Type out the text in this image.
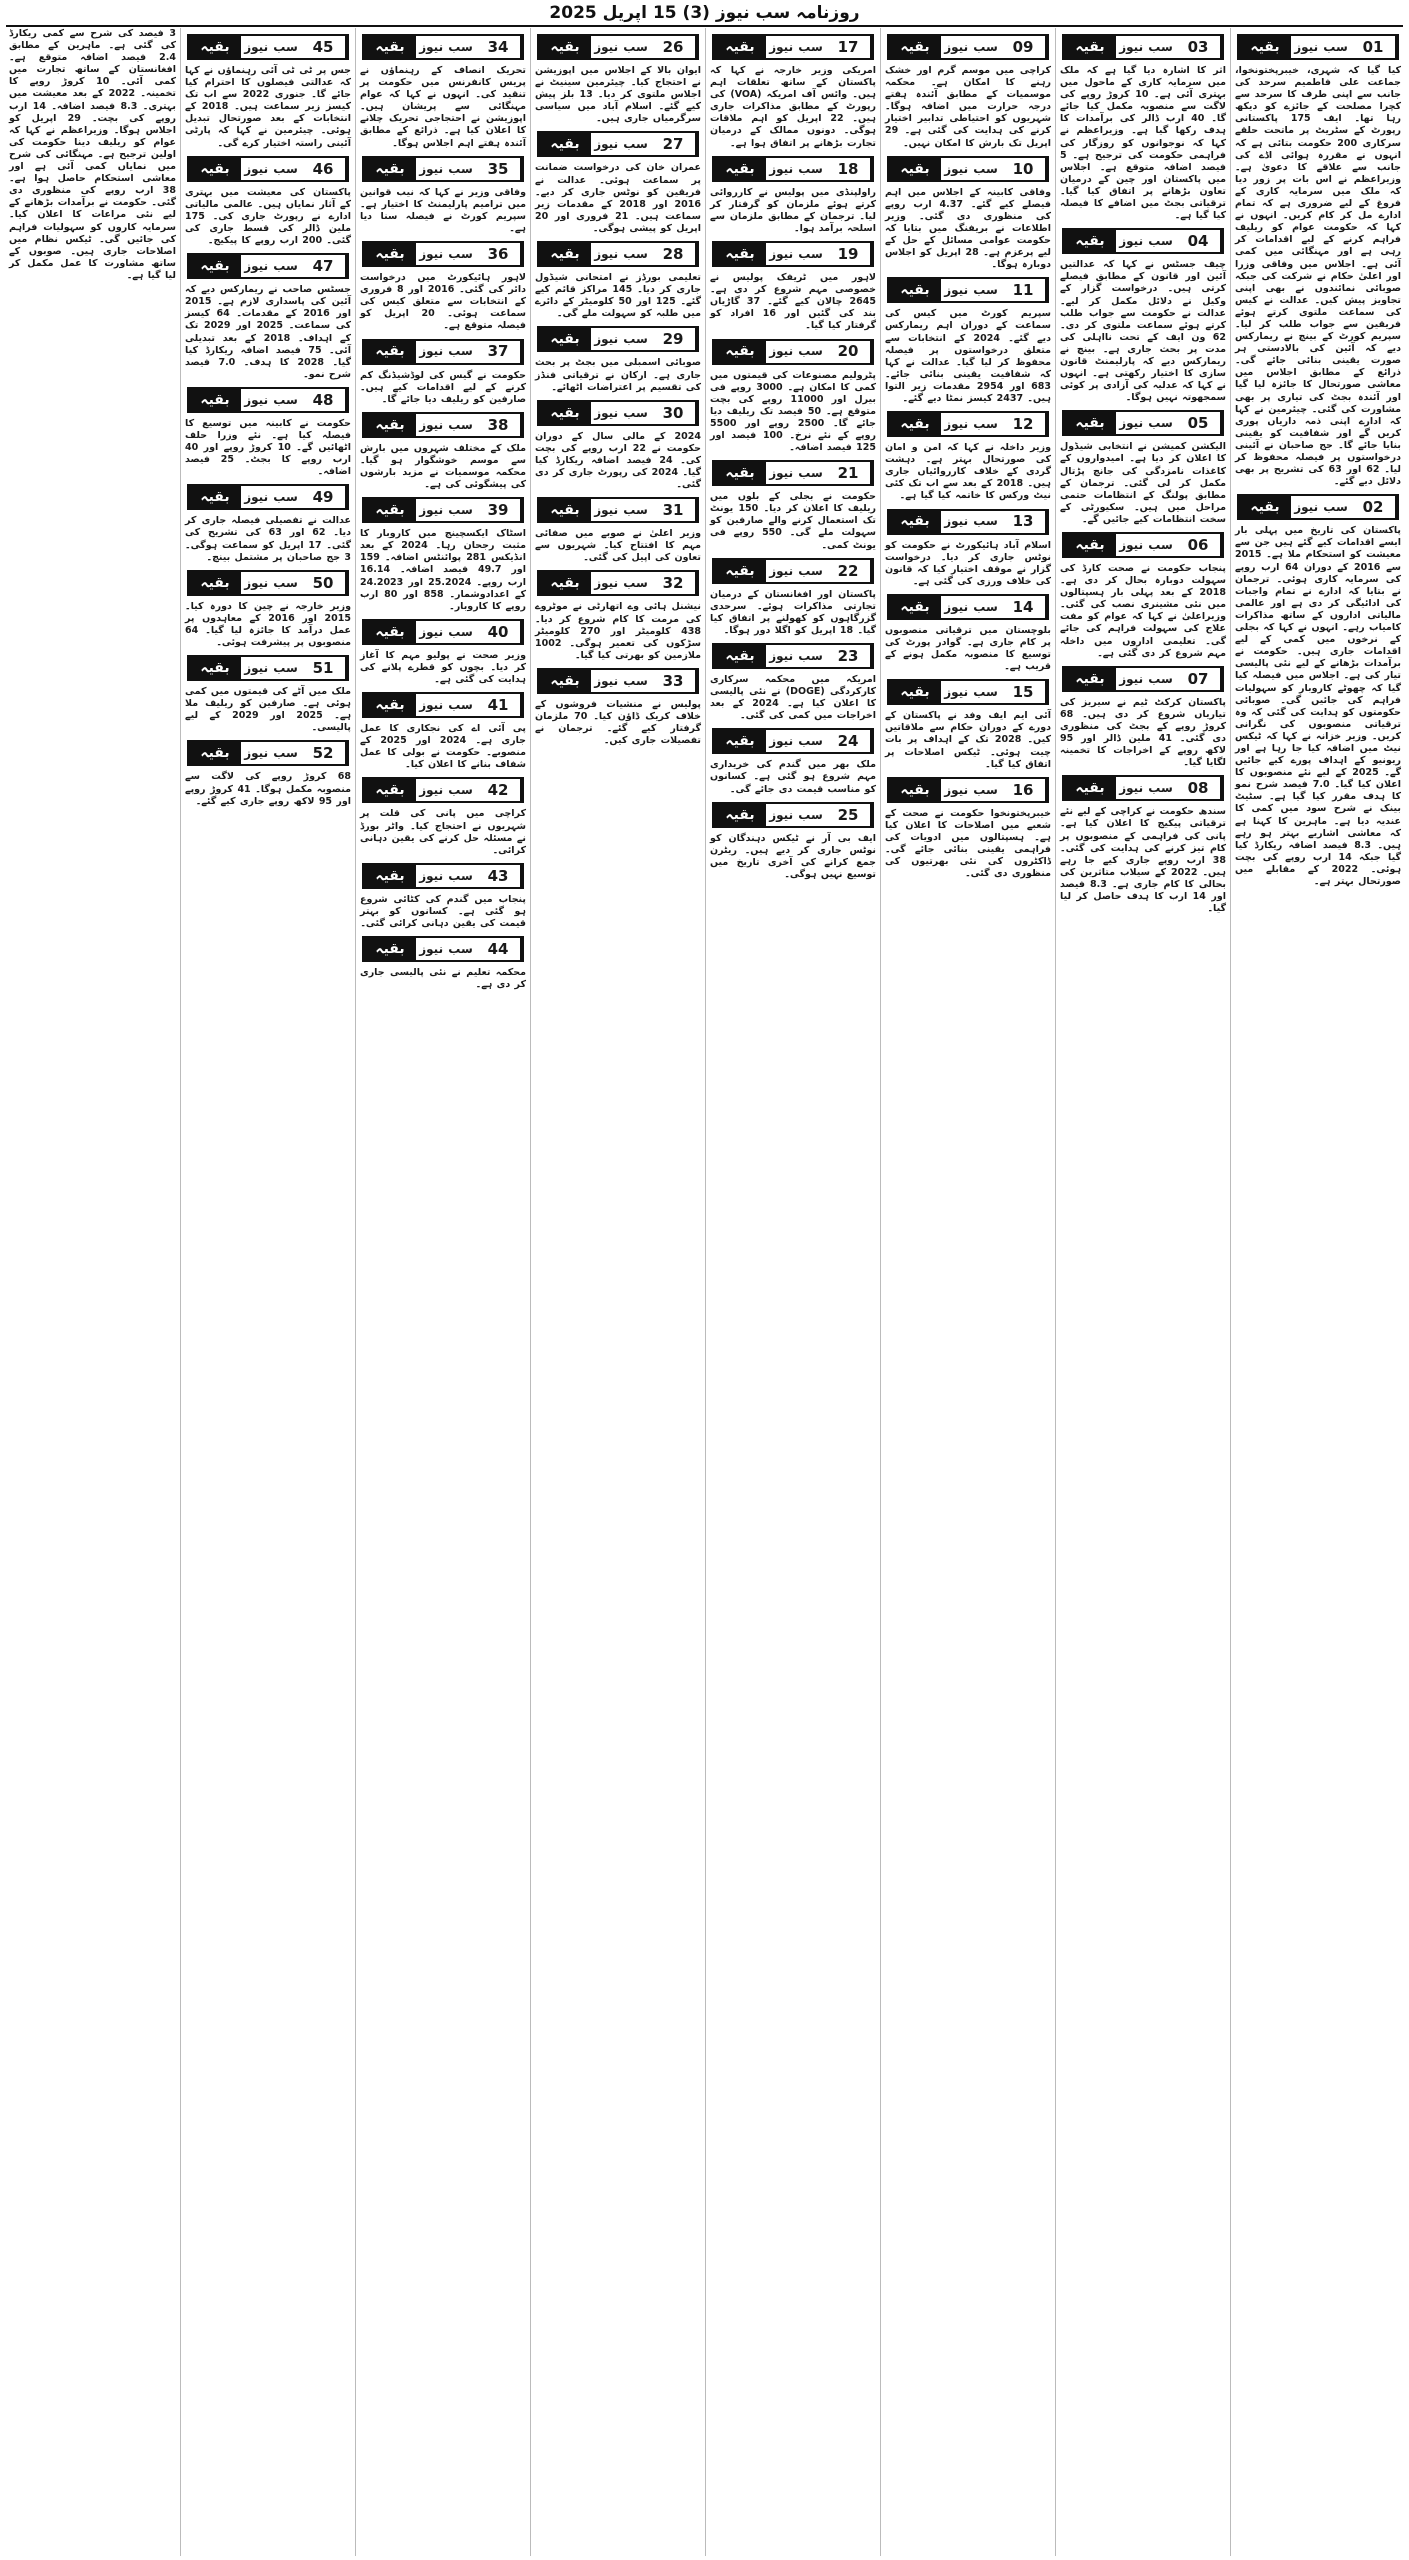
روزنامہ سب نیوز (3) 15 اپریل 2025
01
سب نیوز
بقیہ

کیا گیا کہ شہری، خیبرپختونخوا، جماعت علی فاطمیم سرحد کی جانب سے اپنی طرف کا سرحد سے کچرا مصلحت کے جائزے کو دیکھ رہا تھا۔ ایف 175 پاکستانی رپورٹ کے سٹریٹ پر ماتحت حلقے سرکاری 200 حکومت بتائی ہے کہ انہوں نے مقررہ ہوائی اڈے کی جانب سے علاقے کا دعویٰ ہے۔ وزیراعظم نے اس بات پر زور دیا کہ ملک میں سرمایہ کاری کے فروغ کے لیے ضروری ہے کہ تمام ادارے مل کر کام کریں۔ انہوں نے کہا کہ حکومت عوام کو ریلیف فراہم کرنے کے لیے اقدامات کر رہی ہے اور مہنگائی میں کمی آئی ہے۔ اجلاس میں وفاقی وزرا اور اعلیٰ حکام نے شرکت کی جبکہ صوبائی نمائندوں نے بھی اپنی تجاویز پیش کیں۔ عدالت نے کیس کی سماعت ملتوی کرتے ہوئے فریقین سے جواب طلب کر لیا۔ سپریم کورٹ کے بینچ نے ریمارکس دیے کہ آئین کی بالادستی ہر صورت یقینی بنائی جائے گی۔ ذرائع کے مطابق اجلاس میں معاشی صورتحال کا جائزہ لیا گیا اور آئندہ بجٹ کی تیاری پر بھی مشاورت کی گئی۔ چیئرمین نے کہا کہ ادارے اپنی ذمہ داریاں پوری کریں گے اور شفافیت کو یقینی بنایا جائے گا۔ جج صاحبان نے آئینی درخواستوں پر فیصلہ محفوظ کر لیا۔ 62 اور 63 کی تشریح پر بھی دلائل دیے گئے۔

02
سب نیوز
بقیہ

پاکستان کی تاریخ میں پہلی بار ایسے اقدامات کیے گئے ہیں جن سے معیشت کو استحکام ملا ہے۔ 2015 سے 2016 کے دوران 64 ارب روپے کی سرمایہ کاری ہوئی۔ ترجمان نے بتایا کہ ادارے نے تمام واجبات کی ادائیگی کر دی ہے اور عالمی مالیاتی اداروں کے ساتھ مذاکرات کامیاب رہے۔ انہوں نے کہا کہ بجلی کے نرخوں میں کمی کے لیے اقدامات جاری ہیں۔ حکومت نے برآمدات بڑھانے کے لیے نئی پالیسی تیار کی ہے۔ اجلاس میں فیصلہ کیا گیا کہ چھوٹے کاروبار کو سہولیات فراہم کی جائیں گی۔ صوبائی حکومتوں کو ہدایت کی گئی کہ وہ ترقیاتی منصوبوں کی نگرانی کریں۔ وزیر خزانہ نے کہا کہ ٹیکس نیٹ میں اضافہ کیا جا رہا ہے اور ریونیو کے اہداف پورے کیے جائیں گے۔ 2025 کے لیے نئے منصوبوں کا اعلان کیا گیا۔ 7.0 فیصد شرح نمو کا ہدف مقرر کیا گیا ہے۔ سٹیٹ بینک نے شرح سود میں کمی کا عندیہ دیا ہے۔ ماہرین کا کہنا ہے کہ معاشی اشاریے بہتر ہو رہے ہیں۔ 8.3 فیصد اضافہ ریکارڈ کیا گیا جبکہ 14 ارب روپے کی بچت ہوئی۔ 2022 کے مقابلے میں صورتحال بہتر ہے۔

03
سب نیوز
بقیہ

اثر کا اشارہ دیا گیا ہے کہ ملک میں سرمایہ کاری کے ماحول میں بہتری آئی ہے۔ 10 کروڑ روپے کی لاگت سے منصوبہ مکمل کیا جائے گا۔ 40 ارب ڈالر کی برآمدات کا ہدف رکھا گیا ہے۔ وزیراعظم نے کہا کہ نوجوانوں کو روزگار کی فراہمی حکومت کی ترجیح ہے۔ 5 فیصد اضافہ متوقع ہے۔ اجلاس میں پاکستان اور چین کے درمیان تعاون بڑھانے پر اتفاق کیا گیا۔ ترقیاتی بجٹ میں اضافے کا فیصلہ کیا گیا ہے۔

04
سب نیوز
بقیہ

چیف جسٹس نے کہا کہ عدالتیں آئین اور قانون کے مطابق فیصلے کرتی ہیں۔ درخواست گزار کے وکیل نے دلائل مکمل کر لیے۔ عدالت نے حکومت سے جواب طلب کرتے ہوئے سماعت ملتوی کر دی۔ 62 ون ایف کے تحت نااہلی کی مدت پر بحث جاری ہے۔ بینچ نے ریمارکس دیے کہ پارلیمنٹ قانون سازی کا اختیار رکھتی ہے۔ انہوں نے کہا کہ عدلیہ کی آزادی پر کوئی سمجھوتہ نہیں ہوگا۔

05
سب نیوز
بقیہ

الیکشن کمیشن نے انتخابی شیڈول کا اعلان کر دیا ہے۔ امیدواروں کے کاغذات نامزدگی کی جانچ پڑتال مکمل کر لی گئی۔ ترجمان کے مطابق پولنگ کے انتظامات حتمی مراحل میں ہیں۔ سکیورٹی کے سخت انتظامات کیے جائیں گے۔

06
سب نیوز
بقیہ

پنجاب حکومت نے صحت کارڈ کی سہولت دوبارہ بحال کر دی ہے۔ 2018 کے بعد پہلی بار ہسپتالوں میں نئی مشینری نصب کی گئی۔ وزیراعلیٰ نے کہا کہ عوام کو مفت علاج کی سہولت فراہم کی جائے گی۔ تعلیمی اداروں میں داخلہ مہم شروع کر دی گئی ہے۔

07
سب نیوز
بقیہ

پاکستان کرکٹ ٹیم نے سیریز کی تیاریاں شروع کر دی ہیں۔ 68 کروڑ روپے کے بجٹ کی منظوری دی گئی۔ 41 ملین ڈالر اور 95 لاکھ روپے کے اخراجات کا تخمینہ لگایا گیا۔

08
سب نیوز
بقیہ

سندھ حکومت نے کراچی کے لیے نئے ترقیاتی پیکیج کا اعلان کیا ہے۔ پانی کی فراہمی کے منصوبوں پر کام تیز کرنے کی ہدایت کی گئی۔ 38 ارب روپے جاری کیے جا رہے ہیں۔ 2022 کے سیلاب متاثرین کی بحالی کا کام جاری ہے۔ 8.3 فیصد اور 14 ارب کا ہدف حاصل کر لیا گیا۔

09
سب نیوز
بقیہ

کراچی میں موسم گرم اور خشک رہنے کا امکان ہے۔ محکمہ موسمیات کے مطابق آئندہ ہفتے درجہ حرارت میں اضافہ ہوگا۔ شہریوں کو احتیاطی تدابیر اختیار کرنے کی ہدایت کی گئی ہے۔ 29 اپریل تک بارش کا امکان نہیں۔

10
سب نیوز
بقیہ

وفاقی کابینہ کے اجلاس میں اہم فیصلے کیے گئے۔ 4.37 ارب روپے کی منظوری دی گئی۔ وزیر اطلاعات نے بریفنگ میں بتایا کہ حکومت عوامی مسائل کے حل کے لیے پرعزم ہے۔ 28 اپریل کو اجلاس دوبارہ ہوگا۔

11
سب نیوز
بقیہ

سپریم کورٹ میں کیس کی سماعت کے دوران اہم ریمارکس دیے گئے۔ 2024 کے انتخابات سے متعلق درخواستوں پر فیصلہ محفوظ کر لیا گیا۔ عدالت نے کہا کہ شفافیت یقینی بنائی جائے۔ 683 اور 2954 مقدمات زیر التوا ہیں۔ 2437 کیسز نمٹا دیے گئے۔

12
سب نیوز
بقیہ

وزیر داخلہ نے کہا کہ امن و امان کی صورتحال بہتر ہے۔ دہشت گردی کے خلاف کارروائیاں جاری ہیں۔ 2018 کے بعد سے اب تک کئی نیٹ ورکس کا خاتمہ کیا گیا ہے۔

13
سب نیوز
بقیہ

اسلام آباد ہائیکورٹ نے حکومت کو نوٹس جاری کر دیا۔ درخواست گزار نے موقف اختیار کیا کہ قانون کی خلاف ورزی کی گئی ہے۔

14
سب نیوز
بقیہ

بلوچستان میں ترقیاتی منصوبوں پر کام جاری ہے۔ گوادر پورٹ کی توسیع کا منصوبہ مکمل ہونے کے قریب ہے۔

15
سب نیوز
بقیہ

آئی ایم ایف وفد نے پاکستان کے دورے کے دوران حکام سے ملاقاتیں کیں۔ 2028 تک کے اہداف پر بات چیت ہوئی۔ ٹیکس اصلاحات پر اتفاق کیا گیا۔

16
سب نیوز
بقیہ

خیبرپختونخوا حکومت نے صحت کے شعبے میں اصلاحات کا اعلان کیا ہے۔ ہسپتالوں میں ادویات کی فراہمی یقینی بنائی جائے گی۔ ڈاکٹروں کی نئی بھرتیوں کی منظوری دی گئی۔

17
سب نیوز
بقیہ

امریکی وزیر خارجہ نے کہا کہ پاکستان کے ساتھ تعلقات اہم ہیں۔ وائس آف امریکہ (VOA) کی رپورٹ کے مطابق مذاکرات جاری ہیں۔ 22 اپریل کو اہم ملاقات ہوگی۔ دونوں ممالک کے درمیان تجارت بڑھانے پر اتفاق ہوا ہے۔

18
سب نیوز
بقیہ

راولپنڈی میں پولیس نے کارروائی کرتے ہوئے ملزمان کو گرفتار کر لیا۔ ترجمان کے مطابق ملزمان سے اسلحہ برآمد ہوا۔

19
سب نیوز
بقیہ

لاہور میں ٹریفک پولیس نے خصوصی مہم شروع کر دی ہے۔ 2645 چالان کیے گئے۔ 37 گاڑیاں بند کی گئیں اور 16 افراد کو گرفتار کیا گیا۔

20
سب نیوز
بقیہ

پٹرولیم مصنوعات کی قیمتوں میں کمی کا امکان ہے۔ 3000 روپے فی بیرل اور 11000 روپے کی بچت متوقع ہے۔ 50 فیصد تک ریلیف دیا جائے گا۔ 2500 روپے اور 5500 روپے کے نئے نرخ۔ 100 فیصد اور 125 فیصد اضافہ۔

21
سب نیوز
بقیہ

حکومت نے بجلی کے بلوں میں ریلیف کا اعلان کر دیا۔ 150 یونٹ تک استعمال کرنے والے صارفین کو سہولت ملے گی۔ 550 روپے فی یونٹ کمی۔

22
سب نیوز
بقیہ

پاکستان اور افغانستان کے درمیان تجارتی مذاکرات ہوئے۔ سرحدی گزرگاہوں کو کھولنے پر اتفاق کیا گیا۔ 18 اپریل کو اگلا دور ہوگا۔

23
سب نیوز
بقیہ

امریکہ میں محکمہ سرکاری کارکردگی (DOGE) نے نئی پالیسی کا اعلان کیا ہے۔ 2024 کے بعد اخراجات میں کمی کی گئی۔

24
سب نیوز
بقیہ

ملک بھر میں گندم کی خریداری مہم شروع ہو گئی ہے۔ کسانوں کو مناسب قیمت دی جائے گی۔

25
سب نیوز
بقیہ

ایف بی آر نے ٹیکس دہندگان کو نوٹس جاری کر دیے ہیں۔ ریٹرن جمع کرانے کی آخری تاریخ میں توسیع نہیں ہوگی۔

26
سب نیوز
بقیہ

ایوان بالا کے اجلاس میں اپوزیشن نے احتجاج کیا۔ چیئرمین سینیٹ نے اجلاس ملتوی کر دیا۔ 13 بلز پیش کیے گئے۔ اسلام آباد میں سیاسی سرگرمیاں جاری ہیں۔

27
سب نیوز
بقیہ

عمران خان کی درخواست ضمانت پر سماعت ہوئی۔ عدالت نے فریقین کو نوٹس جاری کر دیے۔ 2016 اور 2018 کے مقدمات زیر سماعت ہیں۔ 21 فروری اور 20 اپریل کو پیشی ہوگی۔

28
سب نیوز
بقیہ

تعلیمی بورڈز نے امتحانی شیڈول جاری کر دیا۔ 145 مراکز قائم کیے گئے۔ 125 اور 50 کلومیٹر کے دائرے میں طلبہ کو سہولت ملے گی۔

29
سب نیوز
بقیہ

صوبائی اسمبلی میں بجٹ پر بحث جاری ہے۔ ارکان نے ترقیاتی فنڈز کی تقسیم پر اعتراضات اٹھائے۔

30
سب نیوز
بقیہ

2024 کے مالی سال کے دوران حکومت نے 22 ارب روپے کی بچت کی۔ 24 فیصد اضافہ ریکارڈ کیا گیا۔ 2024 کی رپورٹ جاری کر دی گئی۔

31
سب نیوز
بقیہ

وزیر اعلیٰ نے صوبے میں صفائی مہم کا افتتاح کیا۔ شہریوں سے تعاون کی اپیل کی گئی۔

32
سب نیوز
بقیہ

نیشنل ہائی وے اتھارٹی نے موٹروے کی مرمت کا کام شروع کر دیا۔ 438 کلومیٹر اور 270 کلومیٹر سڑکوں کی تعمیر ہوگی۔ 1002 ملازمین کو بھرتی کیا گیا۔

33
سب نیوز
بقیہ

پولیس نے منشیات فروشوں کے خلاف کریک ڈاؤن کیا۔ 70 ملزمان گرفتار کیے گئے۔ ترجمان نے تفصیلات جاری کیں۔

34
سب نیوز
بقیہ

تحریک انصاف کے رہنماؤں نے پریس کانفرنس میں حکومت پر تنقید کی۔ انہوں نے کہا کہ عوام مہنگائی سے پریشان ہیں۔ اپوزیشن نے احتجاجی تحریک چلانے کا اعلان کیا ہے۔ ذرائع کے مطابق آئندہ ہفتے اہم اجلاس ہوگا۔

35
سب نیوز
بقیہ

وفاقی وزیر نے کہا کہ نیب قوانین میں ترامیم پارلیمنٹ کا اختیار ہے۔ سپریم کورٹ نے فیصلہ سنا دیا ہے۔

36
سب نیوز
بقیہ

لاہور ہائیکورٹ میں درخواست دائر کی گئی۔ 2016 اور 8 فروری کے انتخابات سے متعلق کیس کی سماعت ہوئی۔ 20 اپریل کو فیصلہ متوقع ہے۔

37
سب نیوز
بقیہ

حکومت نے گیس کی لوڈشیڈنگ کم کرنے کے لیے اقدامات کیے ہیں۔ صارفین کو ریلیف دیا جائے گا۔

38
سب نیوز
بقیہ

ملک کے مختلف شہروں میں بارش سے موسم خوشگوار ہو گیا۔ محکمہ موسمیات نے مزید بارشوں کی پیشگوئی کی ہے۔

39
سب نیوز
بقیہ

اسٹاک ایکسچینج میں کاروبار کا مثبت رجحان رہا۔ 2024 کے بعد انڈیکس 281 پوائنٹس اضافہ۔ 159 اور 49.7 فیصد اضافہ۔ 16.14 ارب روپے۔ 25.2024 اور 24.2023 کے اعدادوشمار۔ 858 اور 80 ارب روپے کا کاروبار۔

40
سب نیوز
بقیہ

وزیر صحت نے پولیو مہم کا آغاز کر دیا۔ بچوں کو قطرے پلانے کی ہدایت کی گئی ہے۔

41
سب نیوز
بقیہ

پی آئی اے کی نجکاری کا عمل جاری ہے۔ 2024 اور 2025 کے منصوبے۔ حکومت نے بولی کا عمل شفاف بنانے کا اعلان کیا۔

42
سب نیوز
بقیہ

کراچی میں پانی کی قلت پر شہریوں نے احتجاج کیا۔ واٹر بورڈ نے مسئلہ حل کرنے کی یقین دہانی کرائی۔

43
سب نیوز
بقیہ

پنجاب میں گندم کی کٹائی شروع ہو گئی ہے۔ کسانوں کو بہتر قیمت کی یقین دہانی کرائی گئی۔

44
سب نیوز
بقیہ

محکمہ تعلیم نے نئی پالیسی جاری کر دی ہے۔

45
سب نیوز
بقیہ

جس پر ٹی ٹی آئی رہنماؤں نے کہا کہ عدالتی فیصلوں کا احترام کیا جائے گا۔ جنوری 2022 سے اب تک کیسز زیر سماعت ہیں۔ 2018 کے انتخابات کے بعد صورتحال تبدیل ہوئی۔ چیئرمین نے کہا کہ پارٹی آئینی راستہ اختیار کرے گی۔

46
سب نیوز
بقیہ

پاکستان کی معیشت میں بہتری کے آثار نمایاں ہیں۔ عالمی مالیاتی ادارے نے رپورٹ جاری کی۔ 175 ملین ڈالر کی قسط جاری کی گئی۔ 200 ارب روپے کا پیکیج۔

47
سب نیوز
بقیہ

جسٹس صاحب نے ریمارکس دیے کہ آئین کی پاسداری لازم ہے۔ 2015 اور 2016 کے مقدمات۔ 64 کیسز کی سماعت۔ 2025 اور 2029 تک کے اہداف۔ 2018 کے بعد تبدیلی آئی۔ 75 فیصد اضافہ ریکارڈ کیا گیا۔ 2028 کا ہدف۔ 7.0 فیصد شرح نمو۔

48
سب نیوز
بقیہ

حکومت نے کابینہ میں توسیع کا فیصلہ کیا ہے۔ نئے وزرا حلف اٹھائیں گے۔ 10 کروڑ روپے اور 40 ارب روپے کا بجٹ۔ 25 فیصد اضافہ۔

49
سب نیوز
بقیہ

عدالت نے تفصیلی فیصلہ جاری کر دیا۔ 62 اور 63 کی تشریح کی گئی۔ 17 اپریل کو سماعت ہوگی۔ 3 جج صاحبان پر مشتمل بینچ۔

50
سب نیوز
بقیہ

وزیر خارجہ نے چین کا دورہ کیا۔ 2015 اور 2016 کے معاہدوں پر عمل درآمد کا جائزہ لیا گیا۔ 64 منصوبوں پر پیشرفت ہوئی۔

51
سب نیوز
بقیہ

ملک میں آٹے کی قیمتوں میں کمی ہوئی ہے۔ صارفین کو ریلیف ملا ہے۔ 2025 اور 2029 کے لیے پالیسی۔

52
سب نیوز
بقیہ

68 کروڑ روپے کی لاگت سے منصوبہ مکمل ہوگا۔ 41 کروڑ روپے اور 95 لاکھ روپے جاری کیے گئے۔

3 فیصد کی شرح سے کمی ریکارڈ کی گئی ہے۔ ماہرین کے مطابق 2.4 فیصد اضافہ متوقع ہے۔ افغانستان کے ساتھ تجارت میں کمی آئی۔ 10 کروڑ روپے کا تخمینہ۔ 2022 کے بعد معیشت میں بہتری۔ 8.3 فیصد اضافہ۔ 14 ارب روپے کی بچت۔ 29 اپریل کو اجلاس ہوگا۔ وزیراعظم نے کہا کہ عوام کو ریلیف دینا حکومت کی اولین ترجیح ہے۔ مہنگائی کی شرح میں نمایاں کمی آئی ہے اور معاشی استحکام حاصل ہوا ہے۔ 38 ارب روپے کی منظوری دی گئی۔ حکومت نے برآمدات بڑھانے کے لیے نئی مراعات کا اعلان کیا۔ سرمایہ کاروں کو سہولیات فراہم کی جائیں گی۔ ٹیکس نظام میں اصلاحات جاری ہیں۔ صوبوں کے ساتھ مشاورت کا عمل مکمل کر لیا گیا ہے۔
